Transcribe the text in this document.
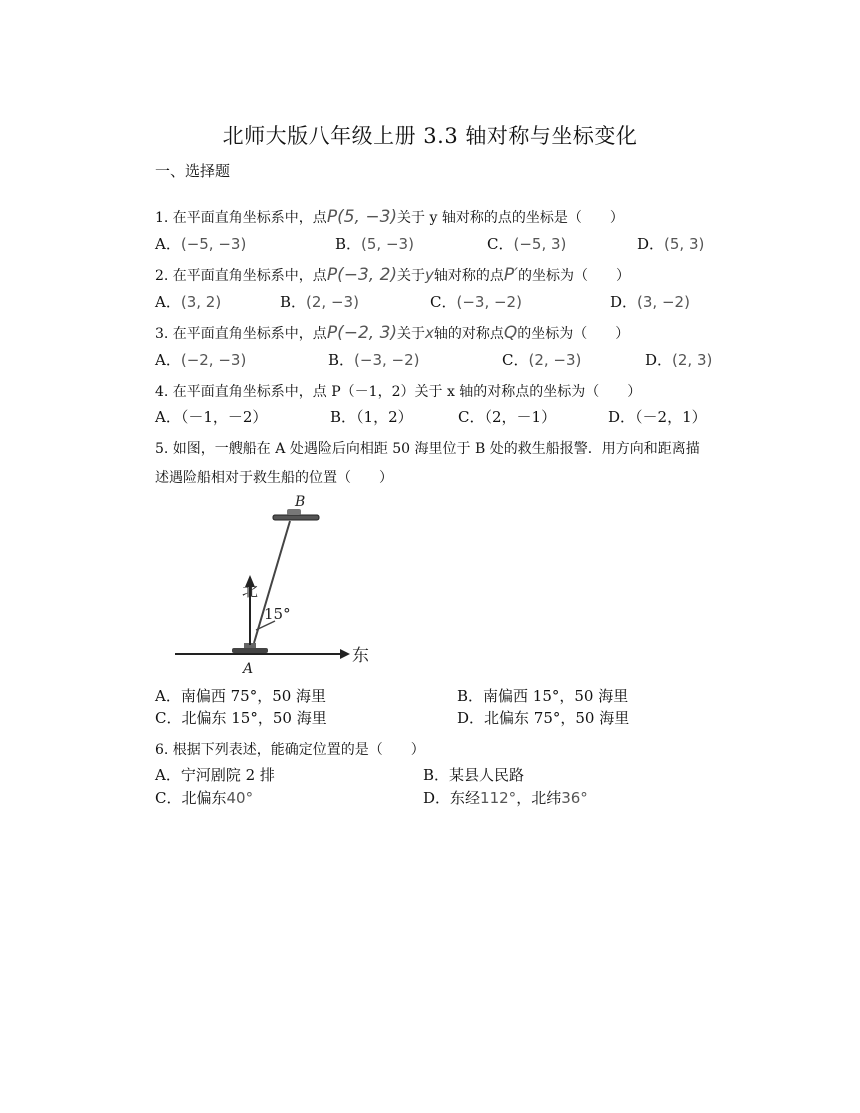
北师大版八年级上册 3.3 轴对称与坐标变化
一、选择题
1. 在平面直角坐标系中，点P(5, −3)关于 y 轴对称的点的坐标是（　　）
A．(−5, −3)	B．(5, −3)	C．(−5, 3)	D．(5, 3)
2. 在平面直角坐标系中，点P(−3, 2)关于y轴对称的点P′的坐标为（　　）
A．(3, 2)	B．(2, −3)	C．(−3, −2)	D．(3, −2)
3. 在平面直角坐标系中，点P(−2, 3)关于x轴的对称点Q的坐标为（　　）
A．(−2, −3)	B．(−3, −2)	C．(2, −3)	D．(2, 3)
4. 在平面直角坐标系中，点 P（－1，2）关于 x 轴的对称点的坐标为（　　）
A．（－1，－2）	B．（1，2）	C．（2，－1）	D．（－2，1）
5. 如图，一艘船在 A 处遇险后向相距 50 海里位于 B 处的救生船报警．用方向和距离描
述遇险船相对于救生船的位置（　　）
东
A
北
15°
B
A．南偏西 75°，50 海里	B．南偏西 15°，50 海里
C．北偏东 15°，50 海里	D．北偏东 75°，50 海里
6. 根据下列表述，能确定位置的是（　　）
A．宁河剧院 2 排	B．某县人民路
C．北偏东40°	D．东经112°，北纬36°
